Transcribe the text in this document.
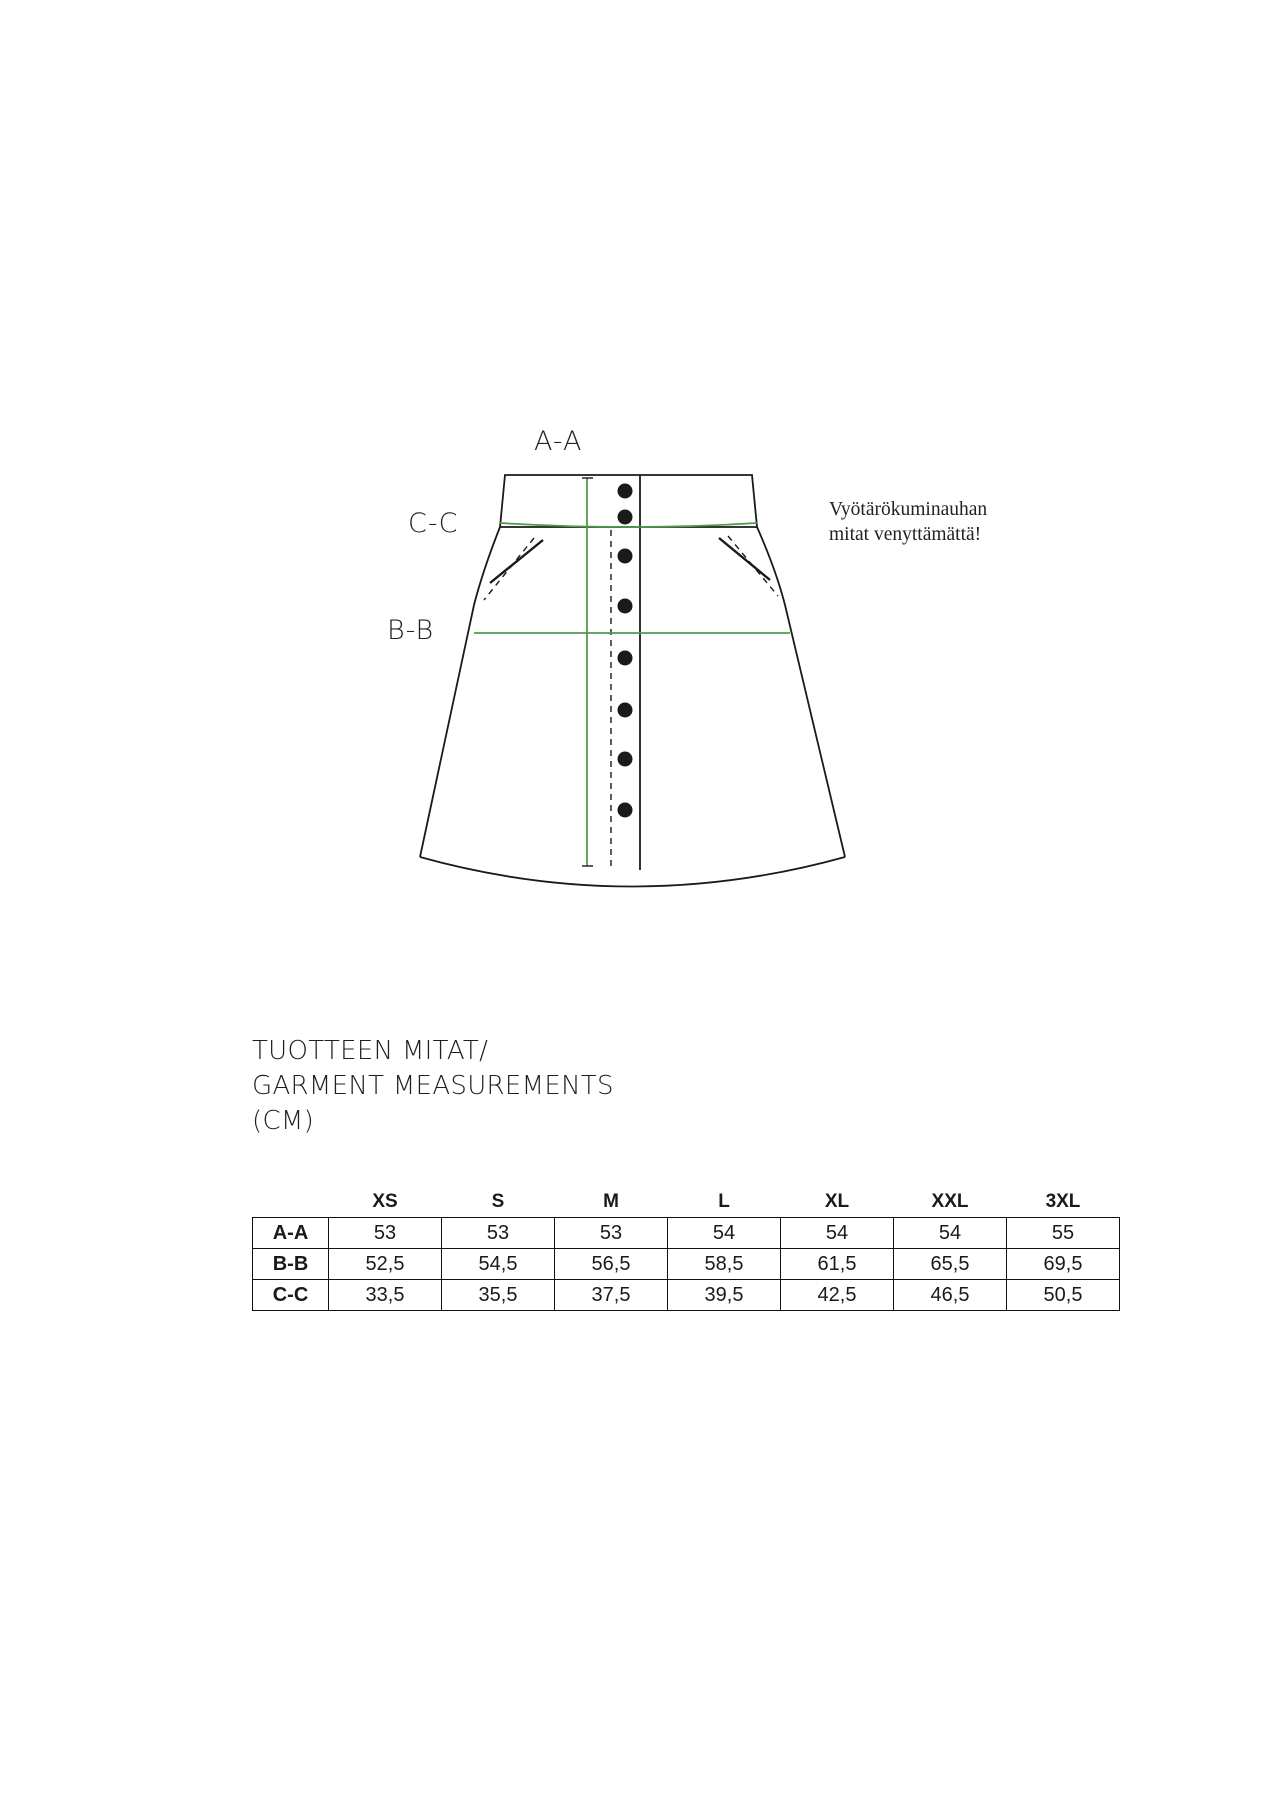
A-A
C-C
B-B
Vyötärökuminauhan
mitat venyttämättä!
TUOTTEEN MITAT/
GARMENT MEASUREMENTS
(CM)
	XS	S	M	L	XL	XXL	3XL
A-A	53	53	53	54	54	54	55
B-B	52,5	54,5	56,5	58,5	61,5	65,5	69,5
C-C	33,5	35,5	37,5	39,5	42,5	46,5	50,5
